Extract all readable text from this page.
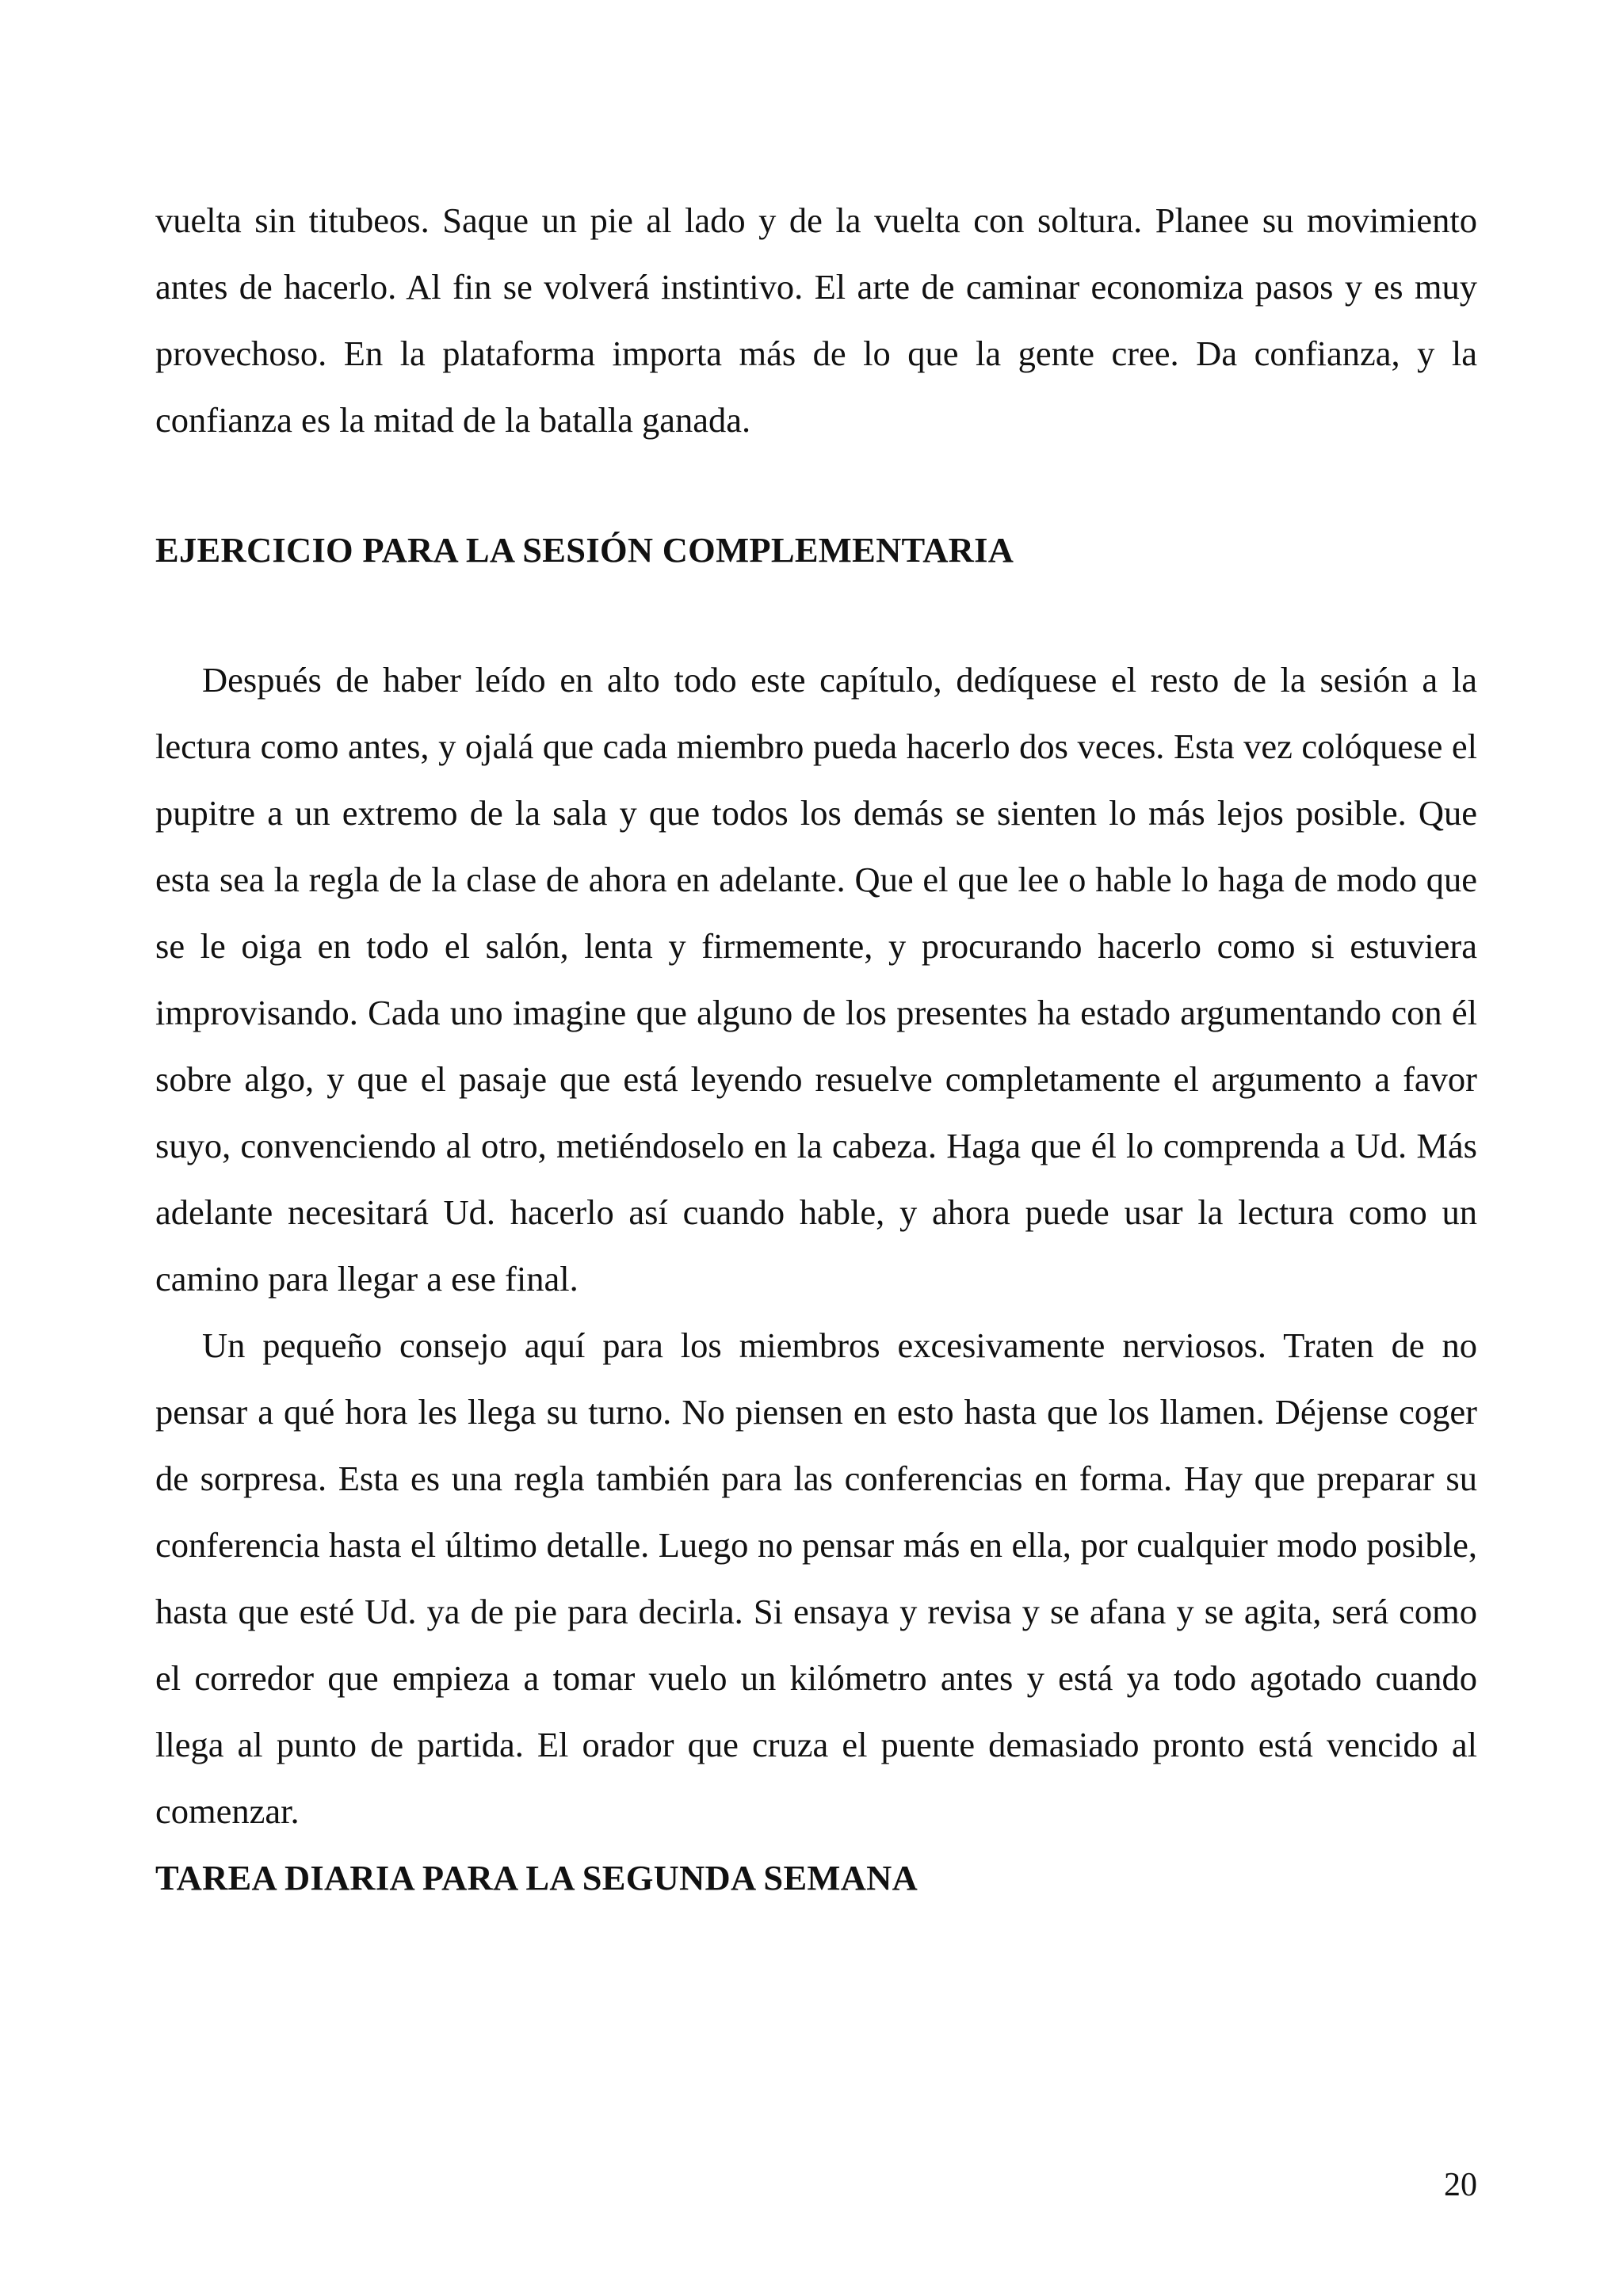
vuelta sin titubeos. Saque un pie al lado y de la vuelta con soltura. Planee su movimiento antes de hacerlo. Al fin se volverá instintivo. El arte de caminar economiza pasos y es muy provechoso. En la plataforma importa más de lo que la gente cree. Da confianza, y la confianza es la mitad de la batalla ganada.

EJERCICIO PARA LA SESIÓN COMPLEMENTARIA

Después de haber leído en alto todo este capítulo, dedíquese el resto de la sesión a la lectura como antes, y ojalá que cada miembro pueda hacerlo dos veces. Esta vez colóquese el pupitre a un extremo de la sala y que todos los demás se sienten lo más lejos posible. Que esta sea la regla de la clase de ahora en adelante. Que el que lee o hable lo haga de modo que se le oiga en todo el salón, lenta y firmemente, y procurando hacerlo como si estuviera improvisando. Cada uno imagine que alguno de los presentes ha estado argumentando con él sobre algo, y que el pasaje que está leyendo resuelve completamente el argumento a favor suyo, convenciendo al otro, metiéndoselo en la cabeza. Haga que él lo comprenda a Ud. Más adelante necesitará Ud. hacerlo así cuando hable, y ahora puede usar la lectura como un camino para llegar a ese final.

Un pequeño consejo aquí para los miembros excesivamente nerviosos. Traten de no pensar a qué hora les llega su turno. No piensen en esto hasta que los llamen. Déjense coger de sorpresa. Esta es una regla también para las conferencias en forma. Hay que preparar su conferencia hasta el último detalle. Luego no pensar más en ella, por cualquier modo posible, hasta que esté Ud. ya de pie para decirla. Si ensaya y revisa y se afana y se agita, será como el corredor que empieza a tomar vuelo un kilómetro antes y está ya todo agotado cuando llega al punto de partida. El orador que cruza el puente demasiado pronto está vencido al comenzar.

TAREA DIARIA PARA LA SEGUNDA SEMANA
20
